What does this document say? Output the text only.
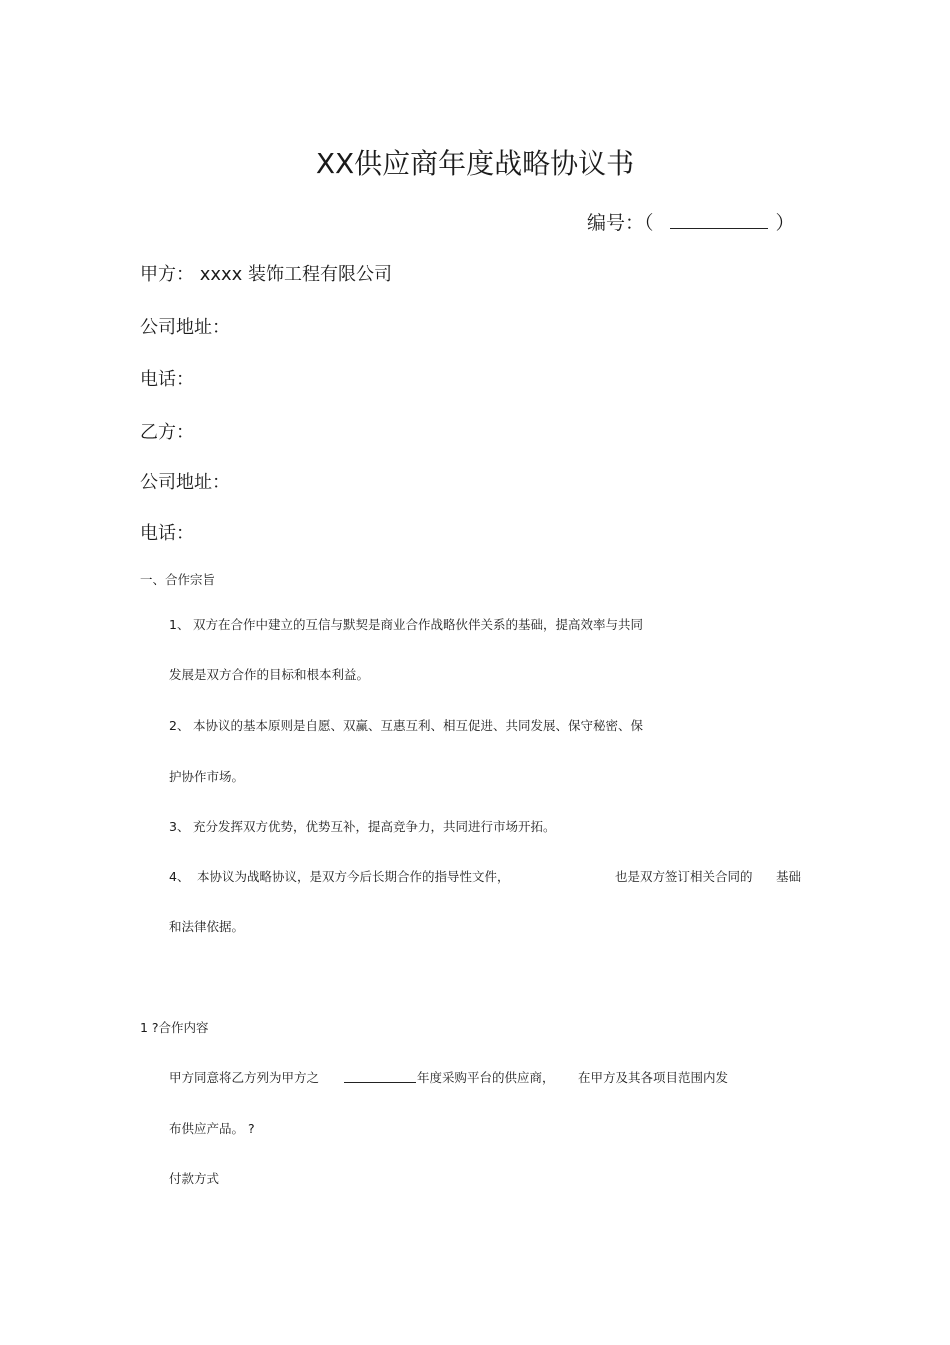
XX供应商年度战略协议书
编号：（	）
甲方： xxxx 装饰工程有限公司
公司地址：
电话：
乙方：
公司地址：
电话：
一、合作宗旨
1、 双方在合作中建立的互信与默契是商业合作战略伙伴关系的基础，提高效率与共同
发展是双方合作的目标和根本利益。
2、 本协议的基本原则是自愿、双赢、互惠互利、相互促进、共同发展、保守秘密、保
护协作市场。
3、 充分发挥双方优势，优势互补，提高竞争力，共同进行市场开拓。
4、 本协议为战略协议，是双方今后长期合作的指导性文件，	也是双方签订相关合同的 基础
和法律依据。
1 ?合作内容
甲方同意将乙方列为甲方之	年度采购平台的供应商， 在甲方及其各项目范围内发
布供应产品。 ?
付款方式
